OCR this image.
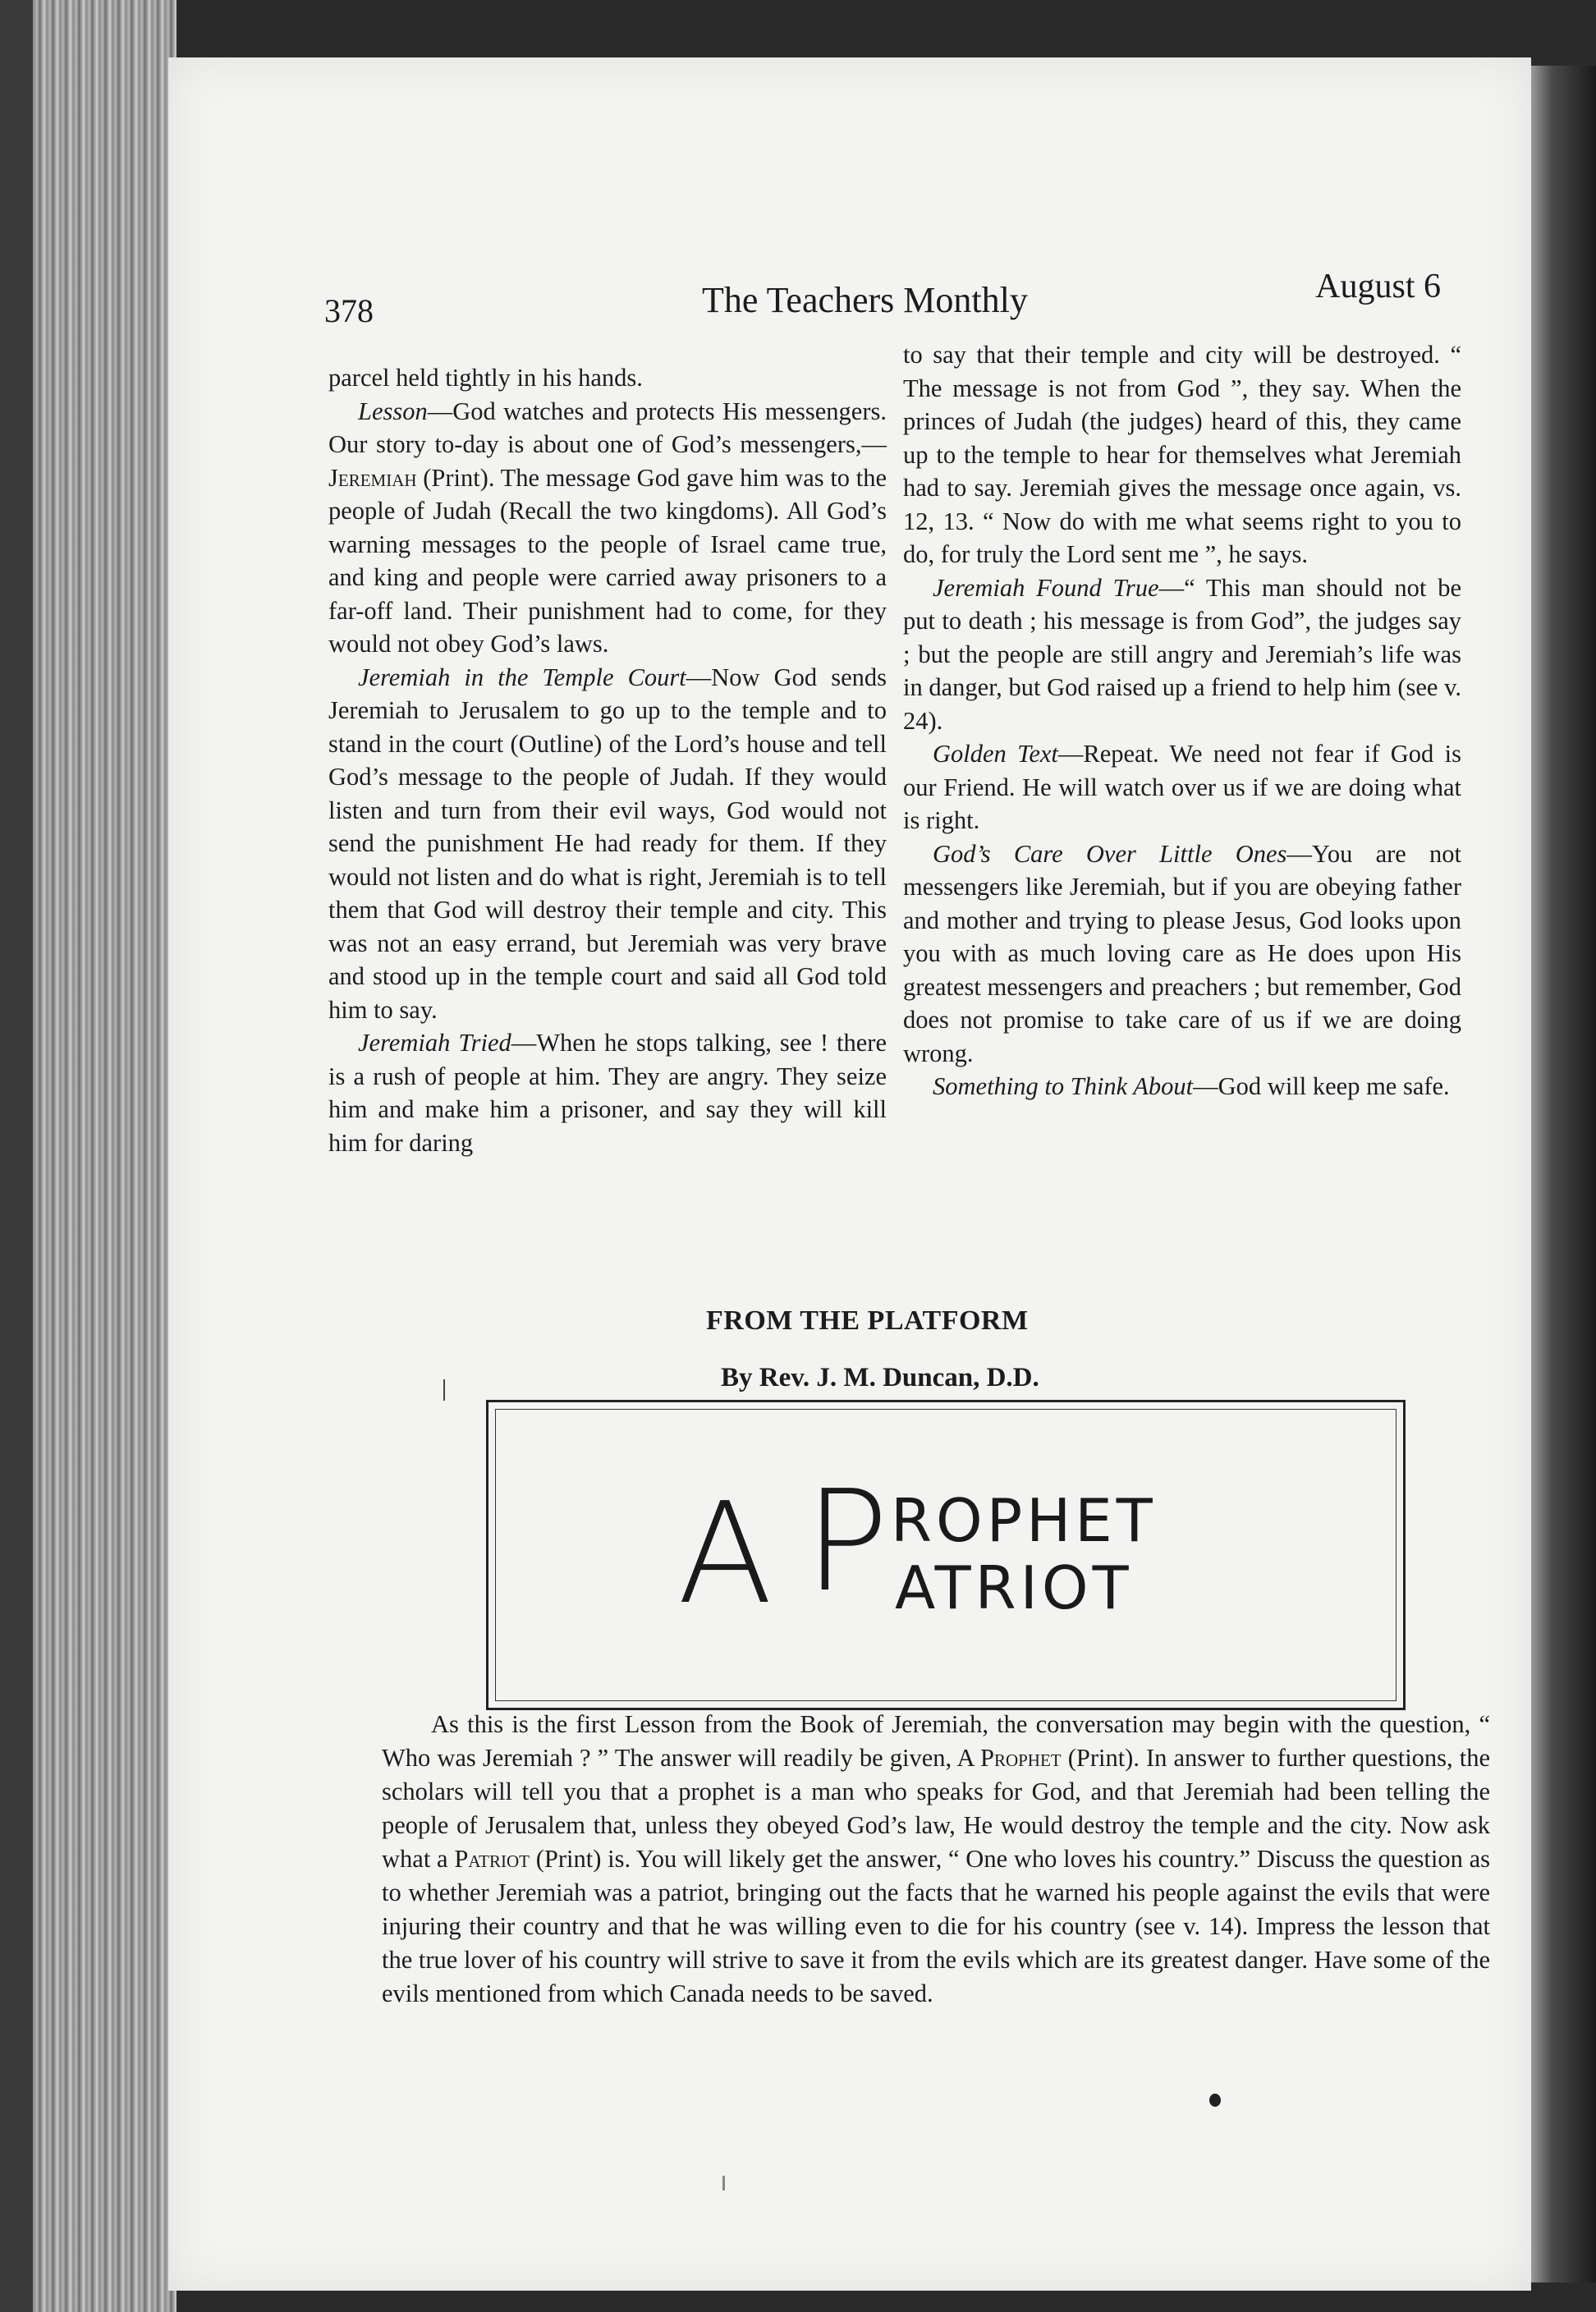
378	The Teachers Monthly	August 6

parcel held tightly in his hands.

Lesson—God watches and protects His messengers. Our story to-day is about one of God’s messengers,—Jeremiah (Print). The message God gave him was to the people of Judah (Recall the two kingdoms). All God’s warning messages to the people of Israel came true, and king and people were carried away prisoners to a far-off land. Their punishment had to come, for they would not obey God’s laws.

Jeremiah in the Temple Court—Now God sends Jeremiah to Jerusalem to go up to the temple and to stand in the court (Outline) of the Lord’s house and tell God’s message to the people of Judah. If they would listen and turn from their evil ways, God would not send the punishment He had ready for them. If they would not listen and do what is right, Jeremiah is to tell them that God will destroy their temple and city. This was not an easy errand, but Jeremiah was very brave and stood up in the temple court and said all God told him to say.

Jeremiah Tried—When he stops talking, see ! there is a rush of people at him. They are angry. They seize him and make him a prisoner, and say they will kill him for daring

to say that their temple and city will be destroyed. “ The message is not from God ”, they say. When the princes of Judah (the judges) heard of this, they came up to the temple to hear for themselves what Jeremiah had to say. Jeremiah gives the message once again, vs. 12, 13. “ Now do with me what seems right to you to do, for truly the Lord sent me ”, he says.

Jeremiah Found True—“ This man should not be put to death ; his message is from God”, the judges say ; but the people are still angry and Jeremiah’s life was in danger, but God raised up a friend to help him (see v. 24).

Golden Text—Repeat. We need not fear if God is our Friend. He will watch over us if we are doing what is right.

God’s Care Over Little Ones—You are not messengers like Jeremiah, but if you are obeying father and mother and trying to please Jesus, God looks upon you with as much loving care as He does upon His greatest messengers and preachers ; but remember, God does not promise to take care of us if we are doing wrong.

Something to Think About—God will keep me safe.

FROM THE PLATFORM
By Rev. J. M. Duncan, D.D.
A P ROPHET
ATRIOT

As this is the first Lesson from the Book of Jeremiah, the conversation may begin with the question, “ Who was Jeremiah ? ” The answer will readily be given, A Prophet (Print). In answer to further questions, the scholars will tell you that a prophet is a man who speaks for God, and that Jeremiah had been telling the people of Jerusalem that, unless they obeyed God’s law, He would destroy the temple and the city. Now ask what a Patriot (Print) is. You will likely get the answer, “ One who loves his country.” Discuss the question as to whether Jeremiah was a patriot, bringing out the facts that he warned his people against the evils that were injuring their country and that he was willing even to die for his country (see v. 14). Impress the lesson that the true lover of his country will strive to save it from the evils which are its greatest danger. Have some of the evils mentioned from which Canada needs to be saved.
